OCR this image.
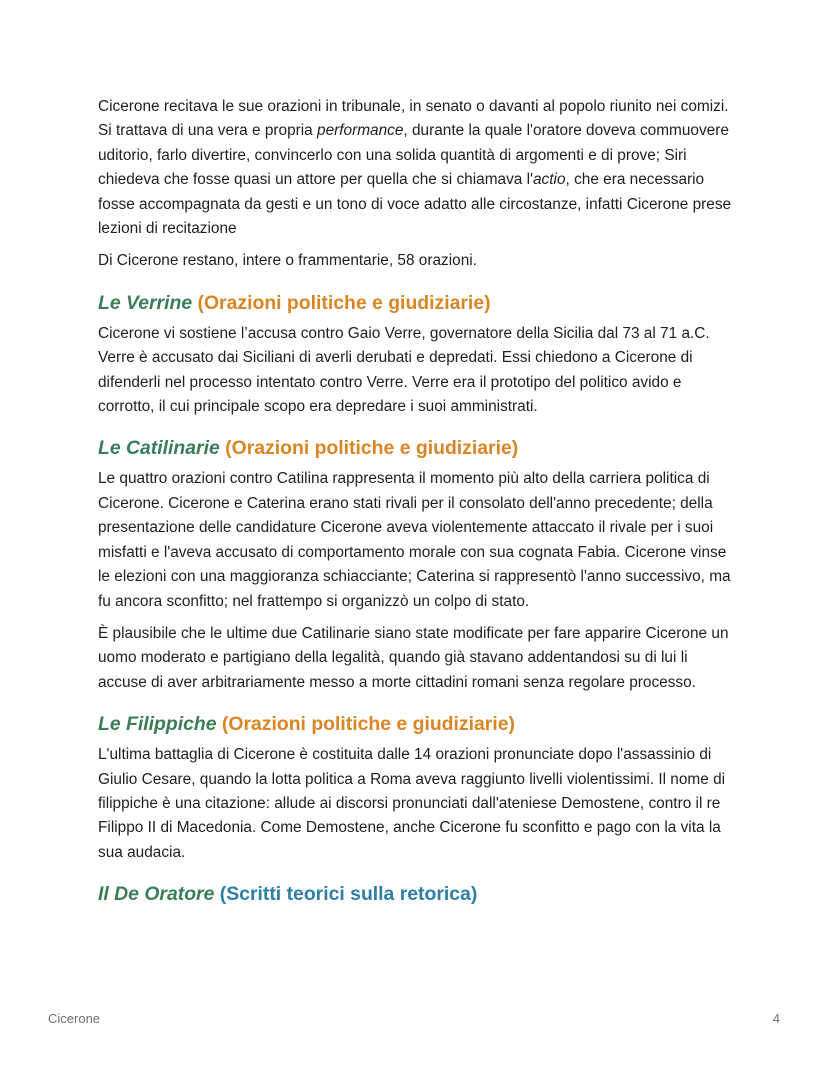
Cicerone recitava le sue orazioni in tribunale, in senato o davanti al popolo riunito nei comizi. Si trattava di una vera e propria performance, durante la quale l'oratore doveva commuovere uditorio, farlo divertire, convincerlo con una solida quantità di argomenti e di prove; Siri chiedeva che fosse quasi un attore per quella che si chiamava l'actio, che era necessario fosse accompagnata da gesti e un tono di voce adatto alle circostanze, infatti Cicerone prese lezioni di recitazione

Di Cicerone restano, intere o frammentarie, 58 orazioni.

Le Verrine (Orazioni politiche e giudiziarie)

Cicerone vi sostiene l’accusa contro Gaio Verre, governatore della Sicilia dal 73 al 71 a.C. Verre è accusato dai Siciliani di averli derubati e depredati. Essi chiedono a Cicerone di difenderli nel processo intentato contro Verre. Verre era il prototipo del politico avido e corrotto, il cui principale scopo era depredare i suoi amministrati.

Le Catilinarie (Orazioni politiche e giudiziarie)

Le quattro orazioni contro Catilina rappresenta il momento più alto della carriera politica di Cicerone. Cicerone e Caterina erano stati rivali per il consolato dell'anno precedente; della presentazione delle candidature Cicerone aveva violentemente attaccato il rivale per i suoi misfatti e l'aveva accusato di comportamento morale con sua cognata Fabia. Cicerone vinse le elezioni con una maggioranza schiacciante; Caterina si rappresentò l'anno successivo, ma fu ancora sconfitto; nel frattempo si organizzò un colpo di stato.

È plausibile che le ultime due Catilinarie siano state modificate per fare apparire Cicerone un uomo moderato e partigiano della legalità, quando già stavano addentandosi su di lui li accuse di aver arbitrariamente messo a morte cittadini romani senza regolare processo.

Le Filippiche (Orazioni politiche e giudiziarie)

L'ultima battaglia di Cicerone è costituita dalle 14 orazioni pronunciate dopo l'assassinio di Giulio Cesare, quando la lotta politica a Roma aveva raggiunto livelli violentissimi. Il nome di filippiche è una citazione: allude ai discorsi pronunciati dall'ateniese Demostene, contro il re Filippo II di Macedonia. Come Demostene, anche Cicerone fu sconfitto e pago con la vita la sua audacia.

Il De Oratore (Scritti teorici sulla retorica)
Cicerone	4
